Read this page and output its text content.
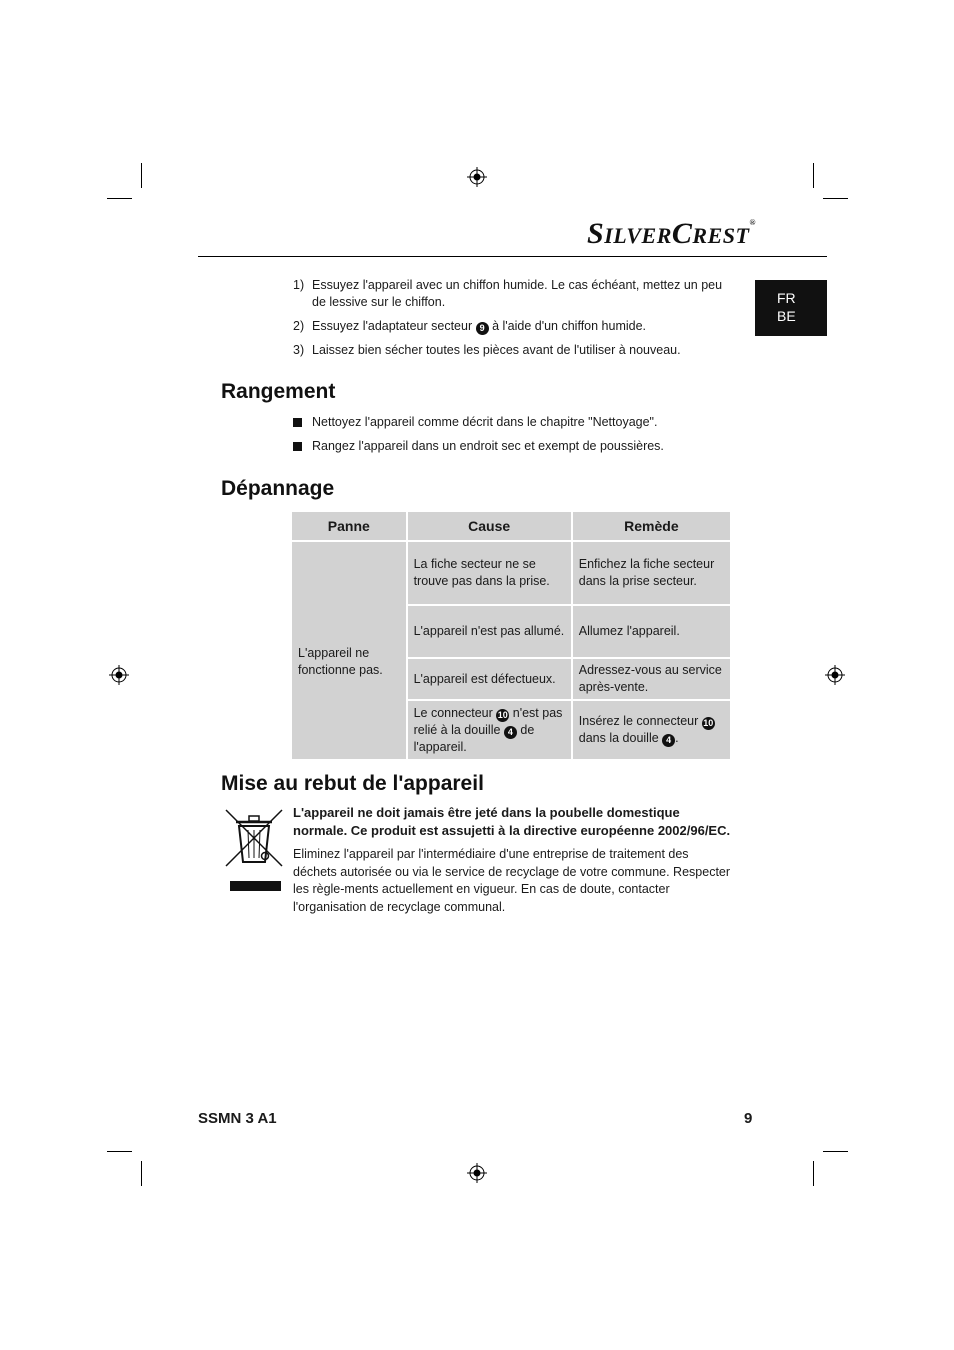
SILVERCREST®
FR
BE
1) Essuyez l'appareil avec un chiffon humide. Le cas échéant, mettez un peu de lessive sur le chiffon.
2) Essuyez l'adaptateur secteur 9 à l'aide d'un chiffon humide.
3) Laissez bien sécher toutes les pièces avant de l'utiliser à nouveau.
Rangement
Nettoyez l'appareil comme décrit dans le chapitre "Nettoyage".
Rangez l'appareil dans un endroit sec et exempt de poussières.
Dépannage
Panne	Cause	Remède
L'appareil ne fonctionne pas.	La fiche secteur ne se trouve pas dans la prise.	Enfichez la fiche secteur dans la prise secteur.
	L'appareil n'est pas allumé.	Allumez l'appareil.
	L'appareil est défectueux.	Adressez-vous au service après-vente.
	Le connecteur 10 n'est pas relié à la douille 4 de l'appareil.	Insérez le connecteur 10 dans la douille 4 .
Mise au rebut de l'appareil

L'appareil ne doit jamais être jeté dans la poubelle domestique normale. Ce produit est assujetti à la directive européenne 2002/96/EC.

Eliminez l'appareil par l'intermédiaire d'une entreprise de traitement des déchets autorisée ou via le service de recyclage de votre commune. Respecter les règle-ments actuellement en vigueur. En cas de doute, contacter l'organisation de recyclage communal.

SSMN 3 A1	9
